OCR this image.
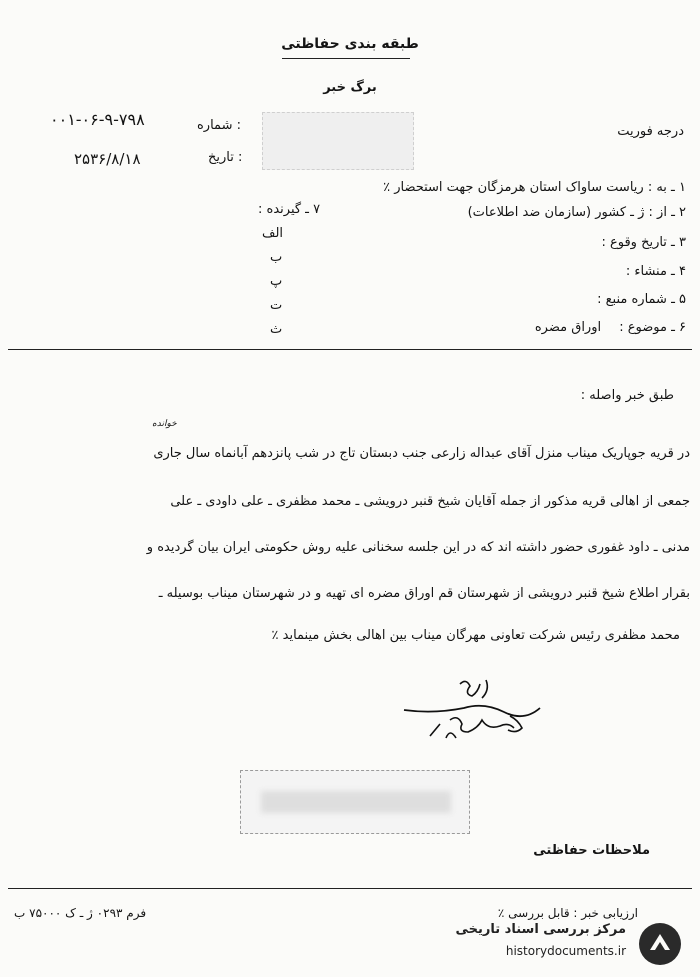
طبقه بندی حفاظتی
برگ خبر
: شماره
۰۰۱-۰۶-۹-۷۹۸
: تاریخ
۲۵۳۶/۸/۱۸
درجه فوریت
۱ ـ به : ریاست ساواک استان هرمزگان جهت استحضار ٪
۲ ـ از : ژ ـ کشور (سازمان ضد اطلاعات)
۳ ـ تاریخ وقوع :
۴ ـ منشاء :
۵ ـ شماره منبع :
۶ ـ موضوع : اوراق مضره
۷ ـ گیرنده :
الف
ب
پ
ت
ث
طبق خبر واصله :
خوانده
در قریه جوپاریک میناب منزل آقای عبداله زارعی جنب دبستان تاج در شب پانزدهم آبانماه سال جاری
جمعی از اهالی قریه مذکور از جمله آقایان شیخ قنبر درویشی ـ محمد مظفری ـ علی داودی ـ علی
مدنی ـ داود غفوری حضور داشته اند که در این جلسه سخنانی علیه روش حکومتی ایران بیان گردیده و
بقرار اطلاع شیخ قنبر درویشی از شهرستان قم اوراق مضره ای تهیه و در شهرستان میناب بوسیله ـ
محمد مظفری رئیس شرکت تعاونی مهرگان میناب بین اهالی بخش مینماید ٪
ملاحظات حفاظتی
ارزیابی خبر : قابل بررسی ٪
فرم ۰۲۹۳ ژ ـ ک ۷۵۰۰۰ ب
مرکز بررسی اسناد تاریخی
historydocuments.ir
